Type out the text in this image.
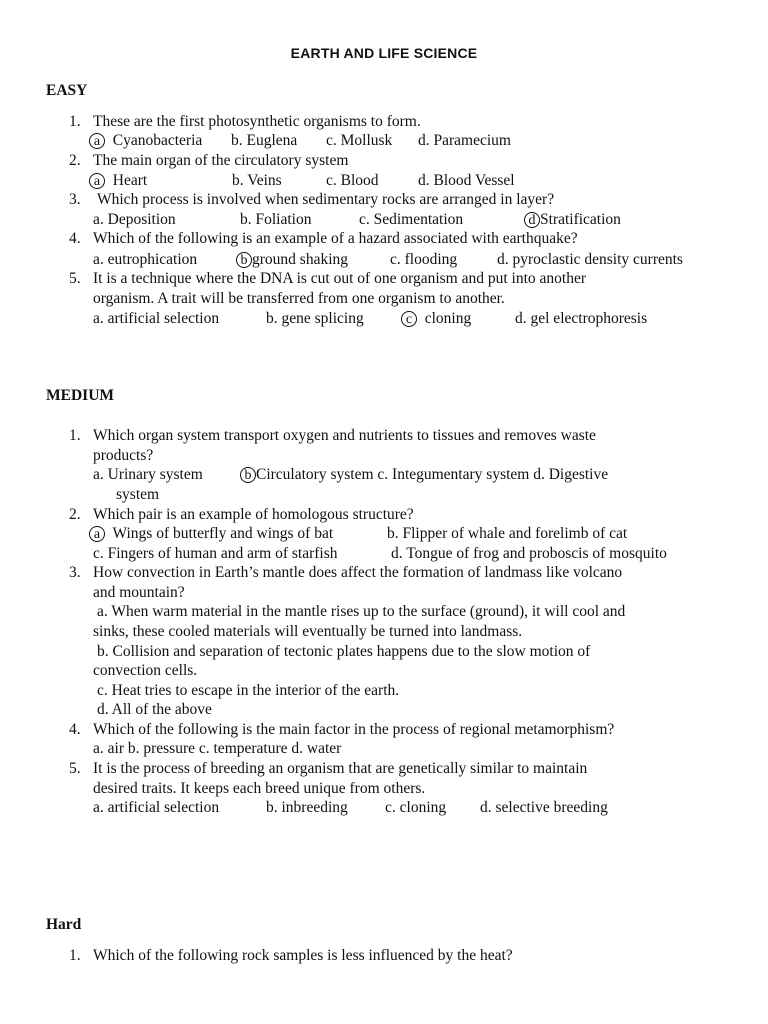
EARTH AND LIFE SCIENCE
EASY
1. These are the first photosynthetic organisms to form.
a Cyanobacteria b. Euglena c. Mollusk d. Paramecium
2. The main organ of the circulatory system
a Heart	b. Veins	c. Blood	d. Blood Vessel
3. Which process is involved when sedimentary rocks are arranged in layer?
a. Deposition	b. Foliation	c. Sedimentation	d Stratification
4. Which of the following is an example of a hazard associated with earthquake?
a. eutrophication	b ground shaking	c. flooding	d. pyroclastic density currents
5. It is a technique where the DNA is cut out of one organism and put into another
organism. A trait will be transferred from one organism to another.
a. artificial selection	b. gene splicing	c cloning	d. gel electrophoresis
MEDIUM
1. Which organ system transport oxygen and nutrients to tissues and removes waste
products?
a. Urinary system	b Circulatory system c. Integumentary system d. Digestive
system
2. Which pair is an example of homologous structure?
a Wings of butterfly and wings of bat	b. Flipper of whale and forelimb of cat
c. Fingers of human and arm of starfish	d. Tongue of frog and proboscis of mosquito
3. How convection in Earth’s mantle does affect the formation of landmass like volcano
and mountain?
a. When warm material in the mantle rises up to the surface (ground), it will cool and
sinks, these cooled materials will eventually be turned into landmass.
b. Collision and separation of tectonic plates happens due to the slow motion of
convection cells.
c. Heat tries to escape in the interior of the earth.
d. All of the above
4. Which of the following is the main factor in the process of regional metamorphism?
a. air b. pressure c. temperature d. water
5. It is the process of breeding an organism that are genetically similar to maintain
desired traits. It keeps each breed unique from others.
a. artificial selection	b. inbreeding c. cloning d. selective breeding
Hard
1. Which of the following rock samples is less influenced by the heat?
